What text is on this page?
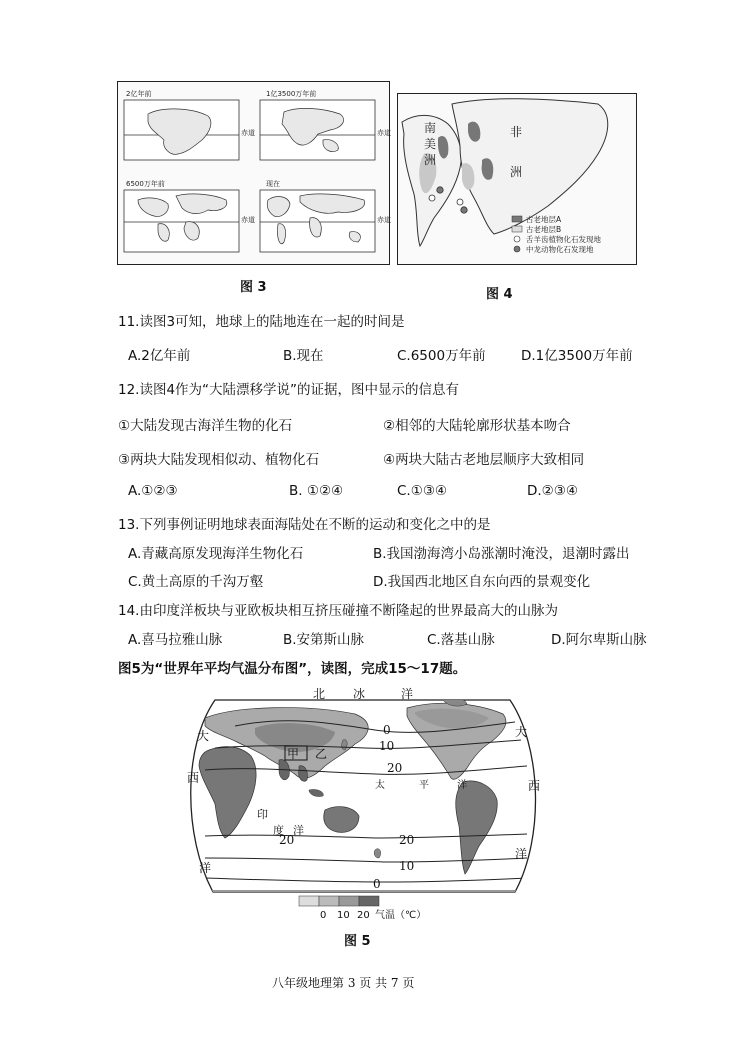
2亿年前	1亿3500万年前
6500万年前	现在
赤道	赤道
赤道	赤道
图 3
南
美
洲
非
洲
古老地层A
古老地层B
舌羊齿植物化石发现地
中龙动物化石发现地
图 4
11.读图3可知，地球上的陆地连在一起的时间是
A.2亿年前	B.现在	C.6500万年前	D.1亿3500万年前
12.读图4作为“大陆漂移学说”的证据，图中显示的信息有
①大陆发现古海洋生物的化石	②相邻的大陆轮廓形状基本吻合
③两块大陆发现相似动、植物化石	④两块大陆古老地层顺序大致相同
A.①②③	B. ①②④	C.①③④	D.②③④
13.下列事例证明地球表面海陆处在不断的运动和变化之中的是
A.青藏高原发现海洋生物化石	B.我国渤海湾小岛涨潮时淹没，退潮时露出
C.黄土高原的千沟万壑	D.我国西北地区自东向西的景观变化
14.由印度洋板块与亚欧板块相互挤压碰撞不断隆起的世界最高大的山脉为
A.喜马拉雅山脉	B.安第斯山脉	C.落基山脉	D.阿尔卑斯山脉
图5为“世界年平均气温分布图”，读图，完成15～17题。
北 冰	洋
大	大
西
西
太	平	洋
印
度 洋
洋
洋
甲 乙
0
10
20
20	20
10
0
0 10 20 气温（℃）
图 5
八年级地理第 3 页 共 7 页
